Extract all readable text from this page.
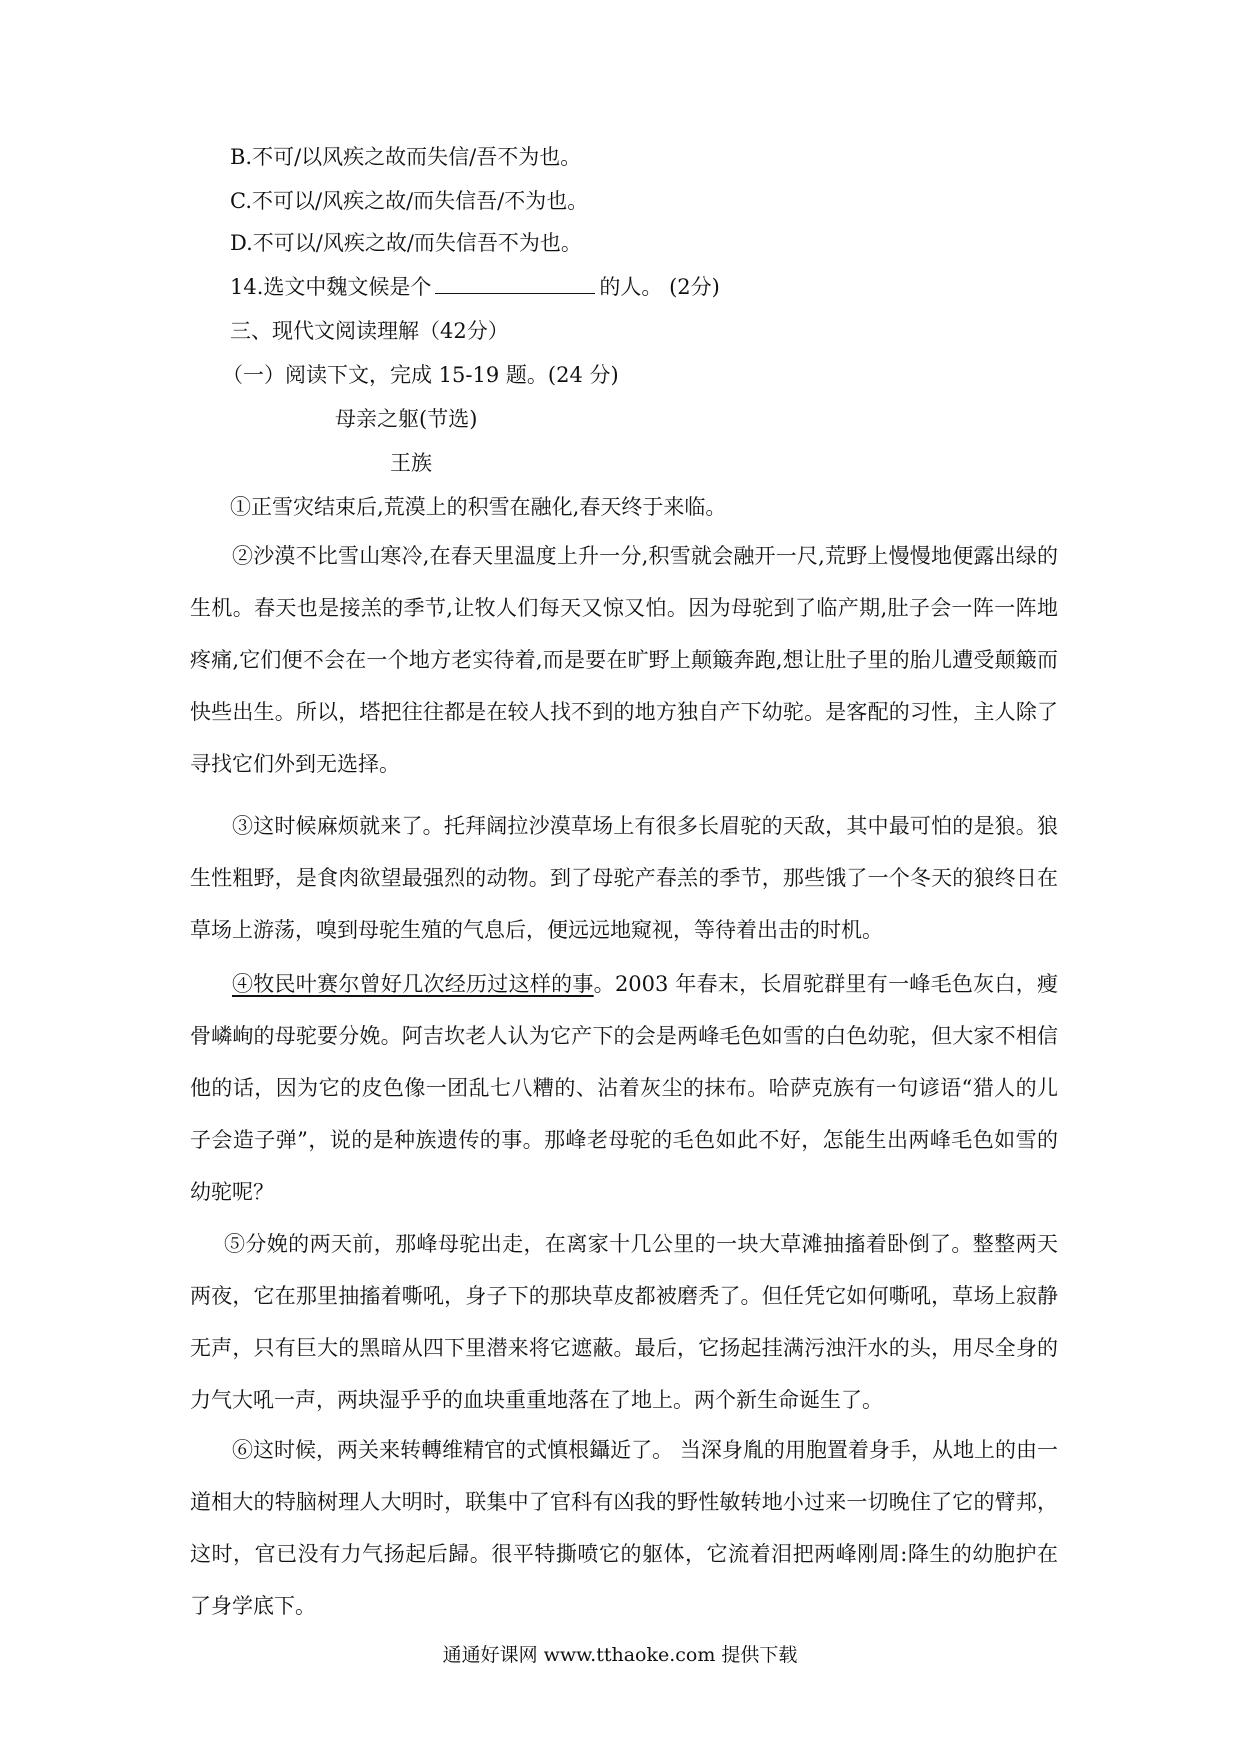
B.不可/以风疾之故而失信/吾不为也。
C.不可以/风疾之故/而失信吾/不为也。
D.不可以/风疾之故/而失信吾不为也。
14.选文中魏文候是个	的人。 (2分)
三、现代文阅读理解（42分）
（一）阅读下文，完成 15-19 题。(24 分)
母亲之躯(节选)
王族
①正雪灾结束后,荒漠上的积雪在融化,春天终于来临。

②沙漠不比雪山寒冷,在春天里温度上升一分,积雪就会融开一尺,荒野上慢慢地便露出绿的生机。春天也是接羔的季节,让牧人们每天又惊又怕。因为母驼到了临产期,肚子会一阵一阵地疼痛,它们便不会在一个地方老实待着,而是要在旷野上颠簸奔跑,想让肚子里的胎儿遭受颠簸而快些出生。所以，塔把往往都是在较人找不到的地方独自产下幼驼。是客配的习性，主人除了寻找它们外到无选择。

③这时候麻烦就来了。托拜阔拉沙漠草场上有很多长眉驼的天敌，其中最可怕的是狼。狼生性粗野，是食肉欲望最强烈的动物。到了母驼产春羔的季节，那些饿了一个冬天的狼终日在草场上游荡，嗅到母驼生殖的气息后，便远远地窥视，等待着出击的时机。

④牧民叶赛尔曾好几次经历过这样的事。2003 年春末，长眉驼群里有一峰毛色灰白，瘦骨嶙峋的母驼要分娩。阿吉坎老人认为它产下的会是两峰毛色如雪的白色幼驼，但大家不相信他的话，因为它的皮色像一团乱七八糟的、沾着灰尘的抹布。哈萨克族有一句谚语“猎人的儿子会造子弹”，说的是种族遗传的事。那峰老母驼的毛色如此不好，怎能生出两峰毛色如雪的幼驼呢？

⑤分娩的两天前，那峰母驼出走，在离家十几公里的一块大草滩抽搐着卧倒了。整整两天两夜，它在那里抽搐着嘶吼，身子下的那块草皮都被磨秃了。但任凭它如何嘶吼，草场上寂静无声，只有巨大的黑暗从四下里潜来将它遮蔽。最后，它扬起挂满污浊汗水的头，用尽全身的力气大吼一声，两块湿乎乎的血块重重地落在了地上。两个新生命诞生了。

⑥这时候，两关来转轉维精官的式慎根鑷近了。 当深身胤的用胞置着身手，从地上的由一道相大的特脑树理人大明时，联集中了官科有凶我的野性敏转地小过来一切晚住了它的臂邦，这时，官已没有力气扬起后歸。很平特撕喷它的躯体，它流着泪把两峰刚周:降生的幼胞护在了身学底下。

通通好课网 www.tthaoke.com 提供下载
